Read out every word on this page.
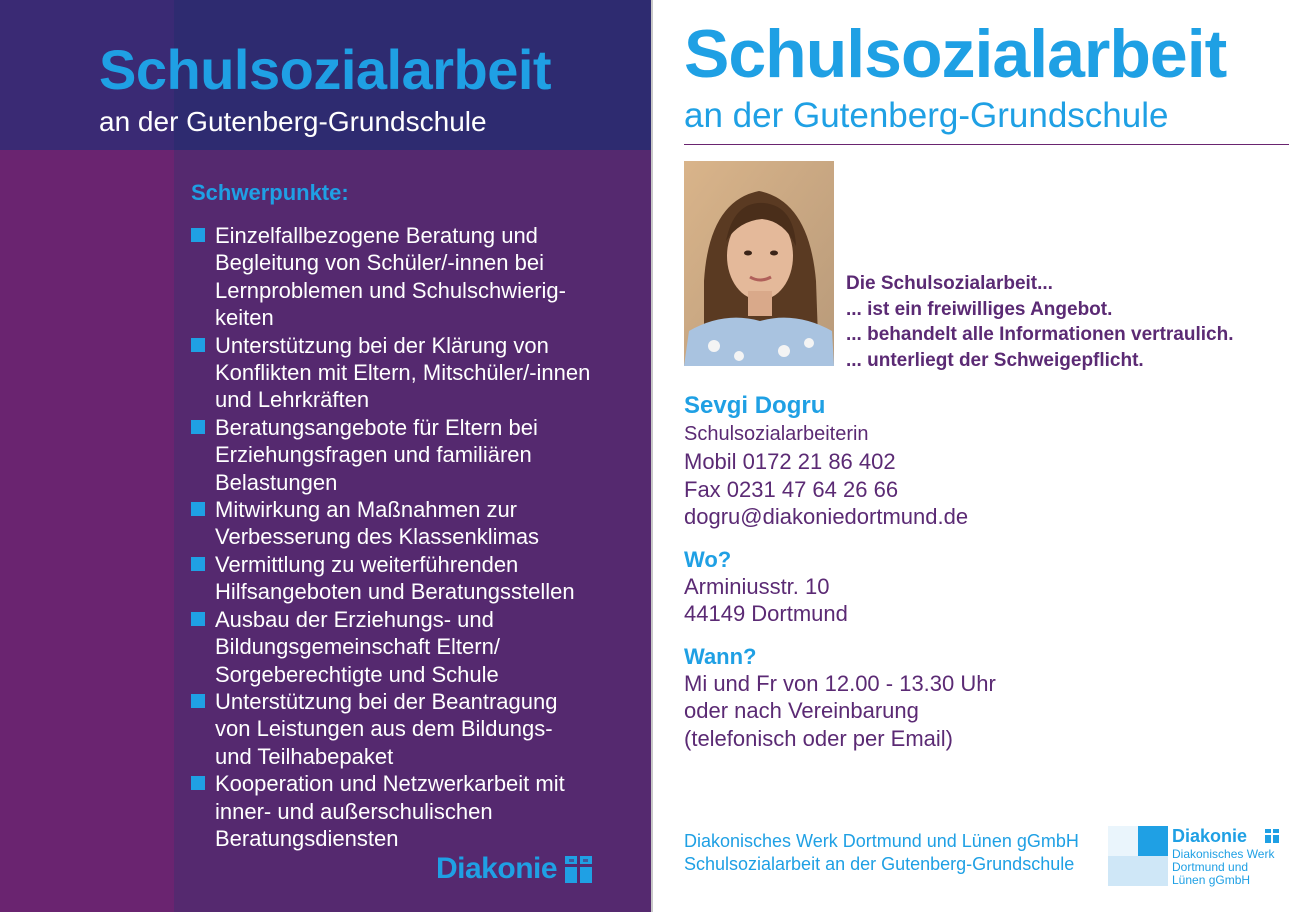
Schulsozialarbeit
an der Gutenberg-Grundschule
Schwerpunkte:
Einzelfallbezogene Beratung und
Begleitung von Schüler/-innen bei
Lernproblemen und Schulschwierig-
keiten
Unterstützung bei der Klärung von
Konflikten mit Eltern, Mitschüler/-innen
und Lehrkräften
Beratungsangebote für Eltern bei
Erziehungsfragen und familiären
Belastungen
Mitwirkung an Maßnahmen zur
Verbesserung des Klassenklimas
Vermittlung zu weiterführenden
Hilfsangeboten und Beratungsstellen
Ausbau der Erziehungs- und
Bildungsgemeinschaft Eltern/
Sorgeberechtigte und Schule
Unterstützung bei der Beantragung
von Leistungen aus dem Bildungs-
und Teilhabepaket
Kooperation und Netzwerkarbeit mit
inner- und außerschulischen
Beratungsdiensten
Diakonie
Schulsozialarbeit
an der Gutenberg-Grundschule
Die Schulsozialarbeit...
... ist ein freiwilliges Angebot.
... behandelt alle Informationen vertraulich.
... unterliegt der Schweigepflicht.
Sevgi Dogru
Schulsozialarbeiterin
Mobil 0172 21 86 402
Fax 0231 47 64 26 66
dogru@diakoniedortmund.de
Wo?
Arminiusstr. 10
44149 Dortmund
Wann?
Mi und Fr von 12.00 - 13.30 Uhr
oder nach Vereinbarung
(telefonisch oder per Email)
Diakonisches Werk Dortmund und Lünen gGmbH
Schulsozialarbeit an der Gutenberg-Grundschule
Diakonie
Diakonisches Werk
Dortmund und
Lünen gGmbH
